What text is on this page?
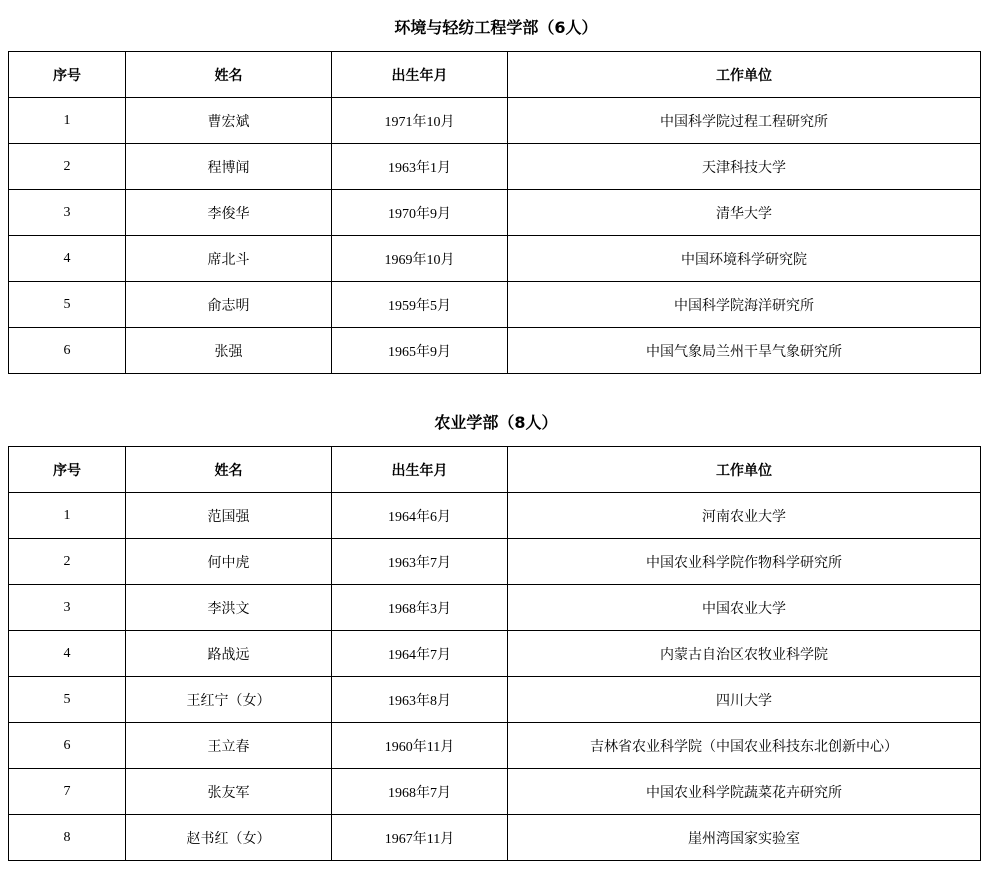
环境与轻纺工程学部（6人）
序号	姓名	出生年月	工作单位
1	曹宏斌	1971年10月	中国科学院过程工程研究所
2	程博闻	1963年1月	天津科技大学
3	李俊华	1970年9月	清华大学
4	席北斗	1969年10月	中国环境科学研究院
5	俞志明	1959年5月	中国科学院海洋研究所
6	张强	1965年9月	中国气象局兰州干旱气象研究所
农业学部（8人）
序号	姓名	出生年月	工作单位
1	范国强	1964年6月	河南农业大学
2	何中虎	1963年7月	中国农业科学院作物科学研究所
3	李洪文	1968年3月	中国农业大学
4	路战远	1964年7月	内蒙古自治区农牧业科学院
5	王红宁（女）	1963年8月	四川大学
6	王立春	1960年11月	吉林省农业科学院（中国农业科技东北创新中心）
7	张友军	1968年7月	中国农业科学院蔬菜花卉研究所
8	赵书红（女）	1967年11月	崖州湾国家实验室
